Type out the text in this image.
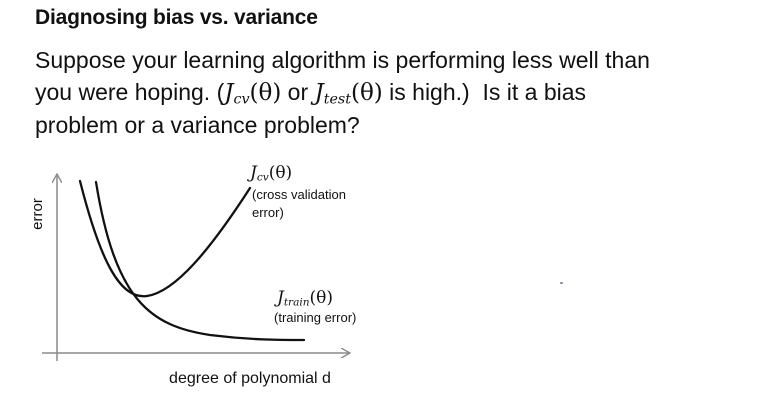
Diagnosing bias vs. variance
Suppose your learning algorithm is performing less well than
you were hoping. ($J_{cv}(\theta)$ or $J_{test}(\theta)$ is high.)  Is it a bias
problem or a variance problem?
error
degree of polynomial d
$J_{cv}(\theta)$
(cross validation
error)
$J_{train}(\theta)$
(training error)
